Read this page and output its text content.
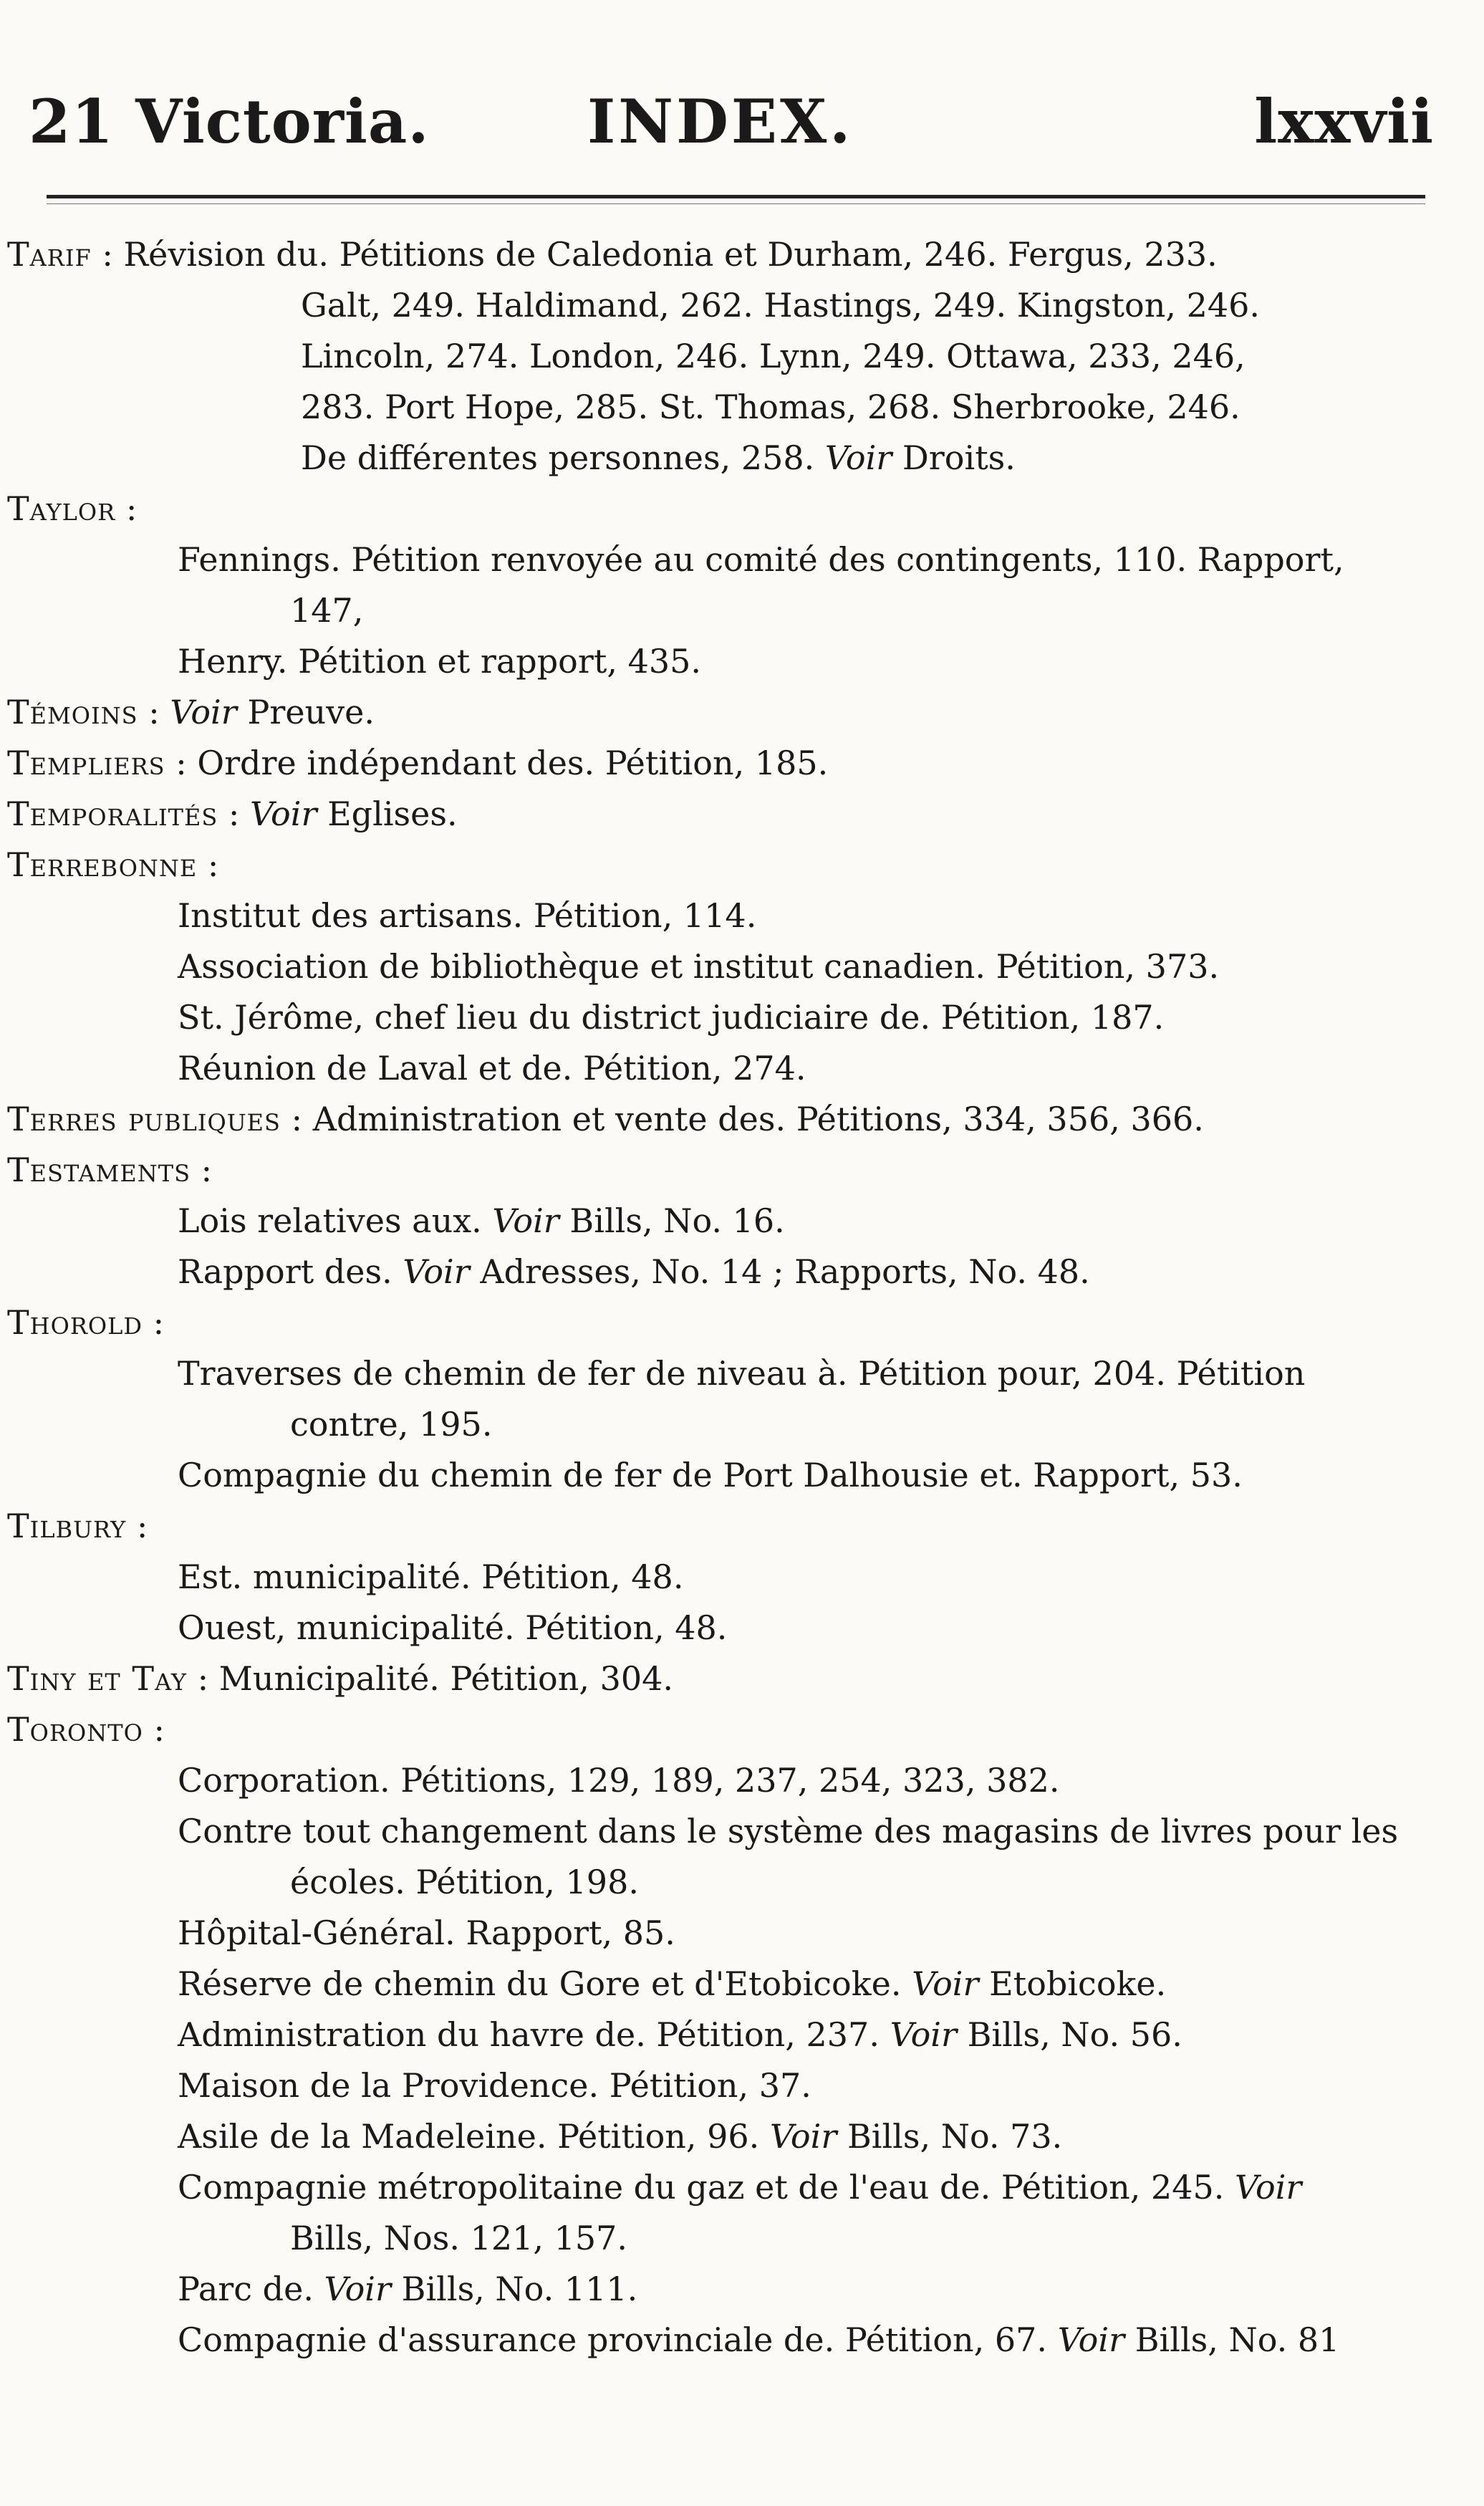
21 Victoria.	INDEX.	lxxvii
Tarif : Révision du. Pétitions de Caledonia et Durham, 246. Fergus, 233.
Galt, 249. Haldimand, 262. Hastings, 249. Kingston, 246.
Lincoln, 274. London, 246. Lynn, 249. Ottawa, 233, 246,
283. Port Hope, 285. St. Thomas, 268. Sherbrooke, 246.
De différentes personnes, 258. Voir Droits.
Taylor :
Fennings. Pétition renvoyée au comité des contingents, 110. Rapport,
147,
Henry. Pétition et rapport, 435.
Témoins : Voir Preuve.
Templiers : Ordre indépendant des. Pétition, 185.
Temporalités : Voir Eglises.
Terrebonne :
Institut des artisans. Pétition, 114.
Association de bibliothèque et institut canadien. Pétition, 373.
St. Jérôme, chef lieu du district judiciaire de. Pétition, 187.
Réunion de Laval et de. Pétition, 274.
Terres publiques : Administration et vente des. Pétitions, 334, 356, 366.
Testaments :
Lois relatives aux. Voir Bills, No. 16.
Rapport des. Voir Adresses, No. 14 ; Rapports, No. 48.
Thorold :
Traverses de chemin de fer de niveau à. Pétition pour, 204. Pétition
contre, 195.
Compagnie du chemin de fer de Port Dalhousie et. Rapport, 53.
Tilbury :
Est. municipalité. Pétition, 48.
Ouest, municipalité. Pétition, 48.
Tiny et Tay : Municipalité. Pétition, 304.
Toronto :
Corporation. Pétitions, 129, 189, 237, 254, 323, 382.
Contre tout changement dans le système des magasins de livres pour les
écoles. Pétition, 198.
Hôpital-Général. Rapport, 85.
Réserve de chemin du Gore et d'Etobicoke. Voir Etobicoke.
Administration du havre de. Pétition, 237. Voir Bills, No. 56.
Maison de la Providence. Pétition, 37.
Asile de la Madeleine. Pétition, 96. Voir Bills, No. 73.
Compagnie métropolitaine du gaz et de l'eau de. Pétition, 245. Voir
Bills, Nos. 121, 157.
Parc de. Voir Bills, No. 111.
Compagnie d'assurance provinciale de. Pétition, 67. Voir Bills, No. 81
